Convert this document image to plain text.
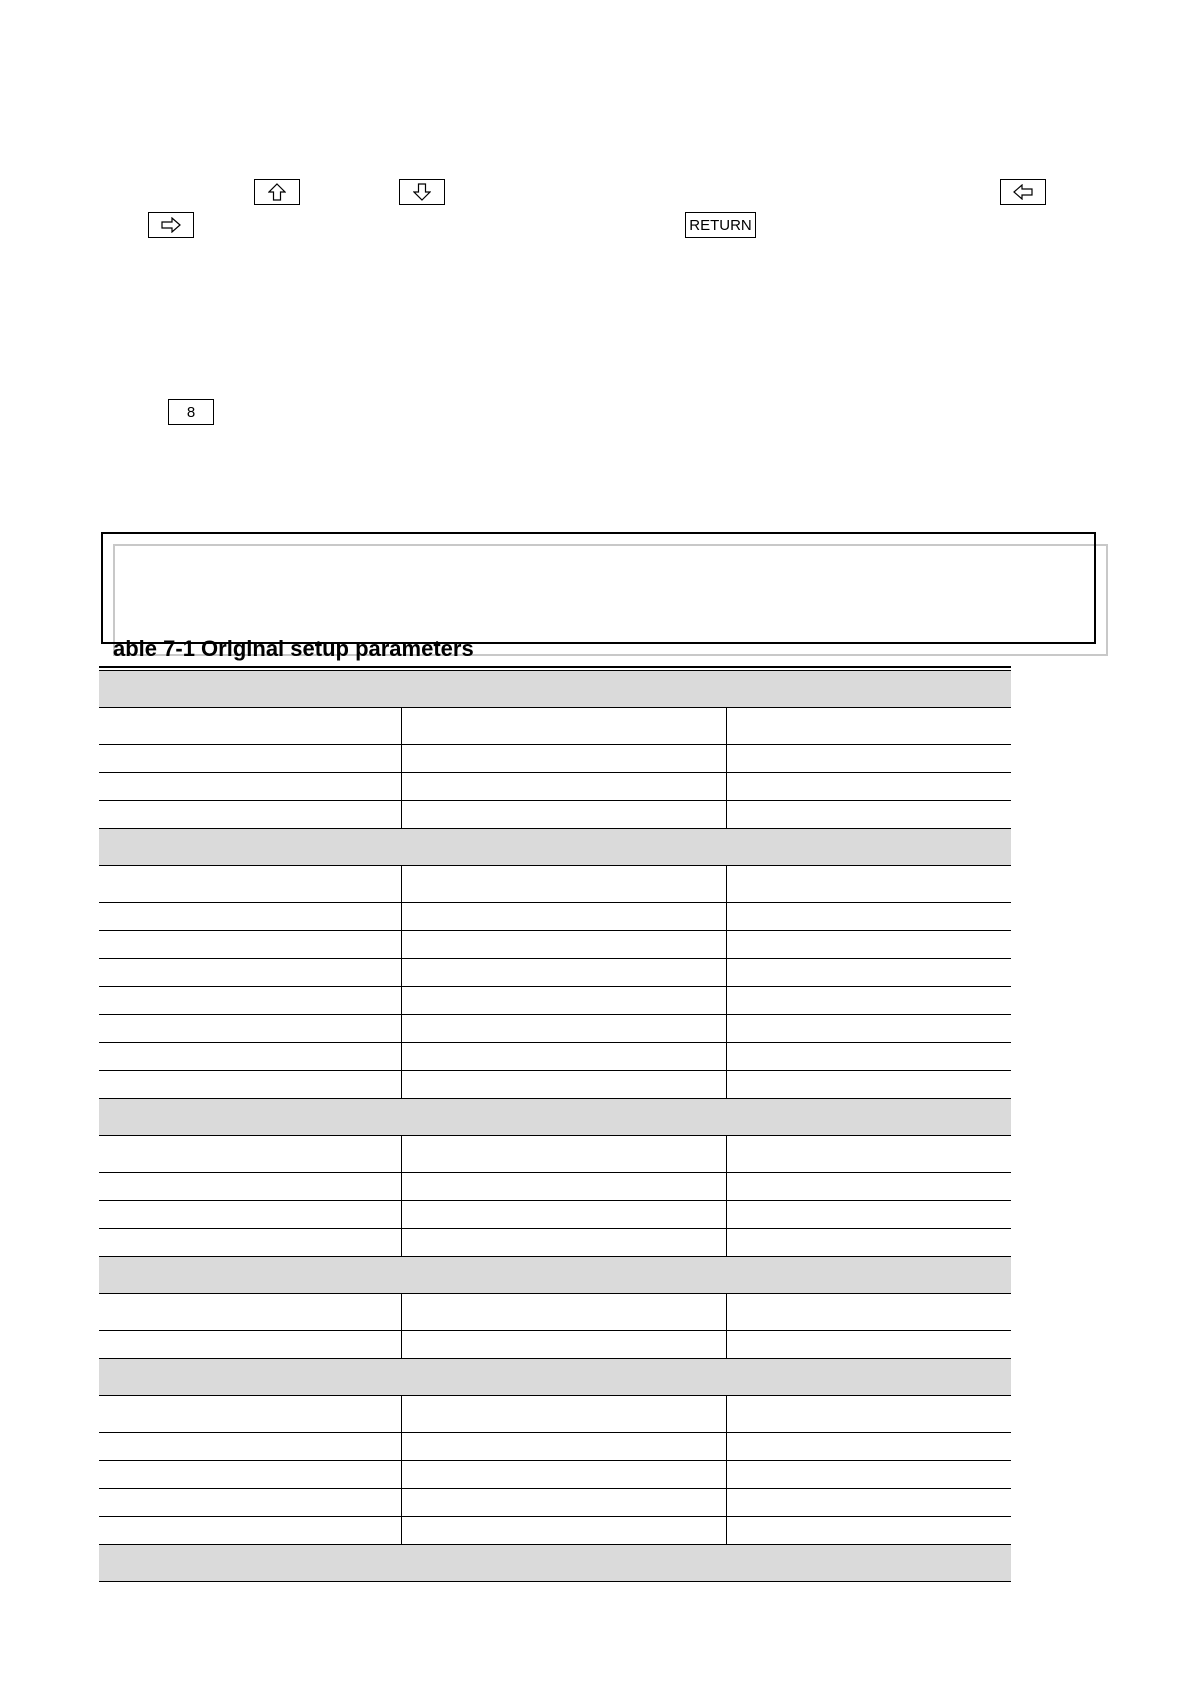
RETURN
8
able 7-1 Original setup parameters
